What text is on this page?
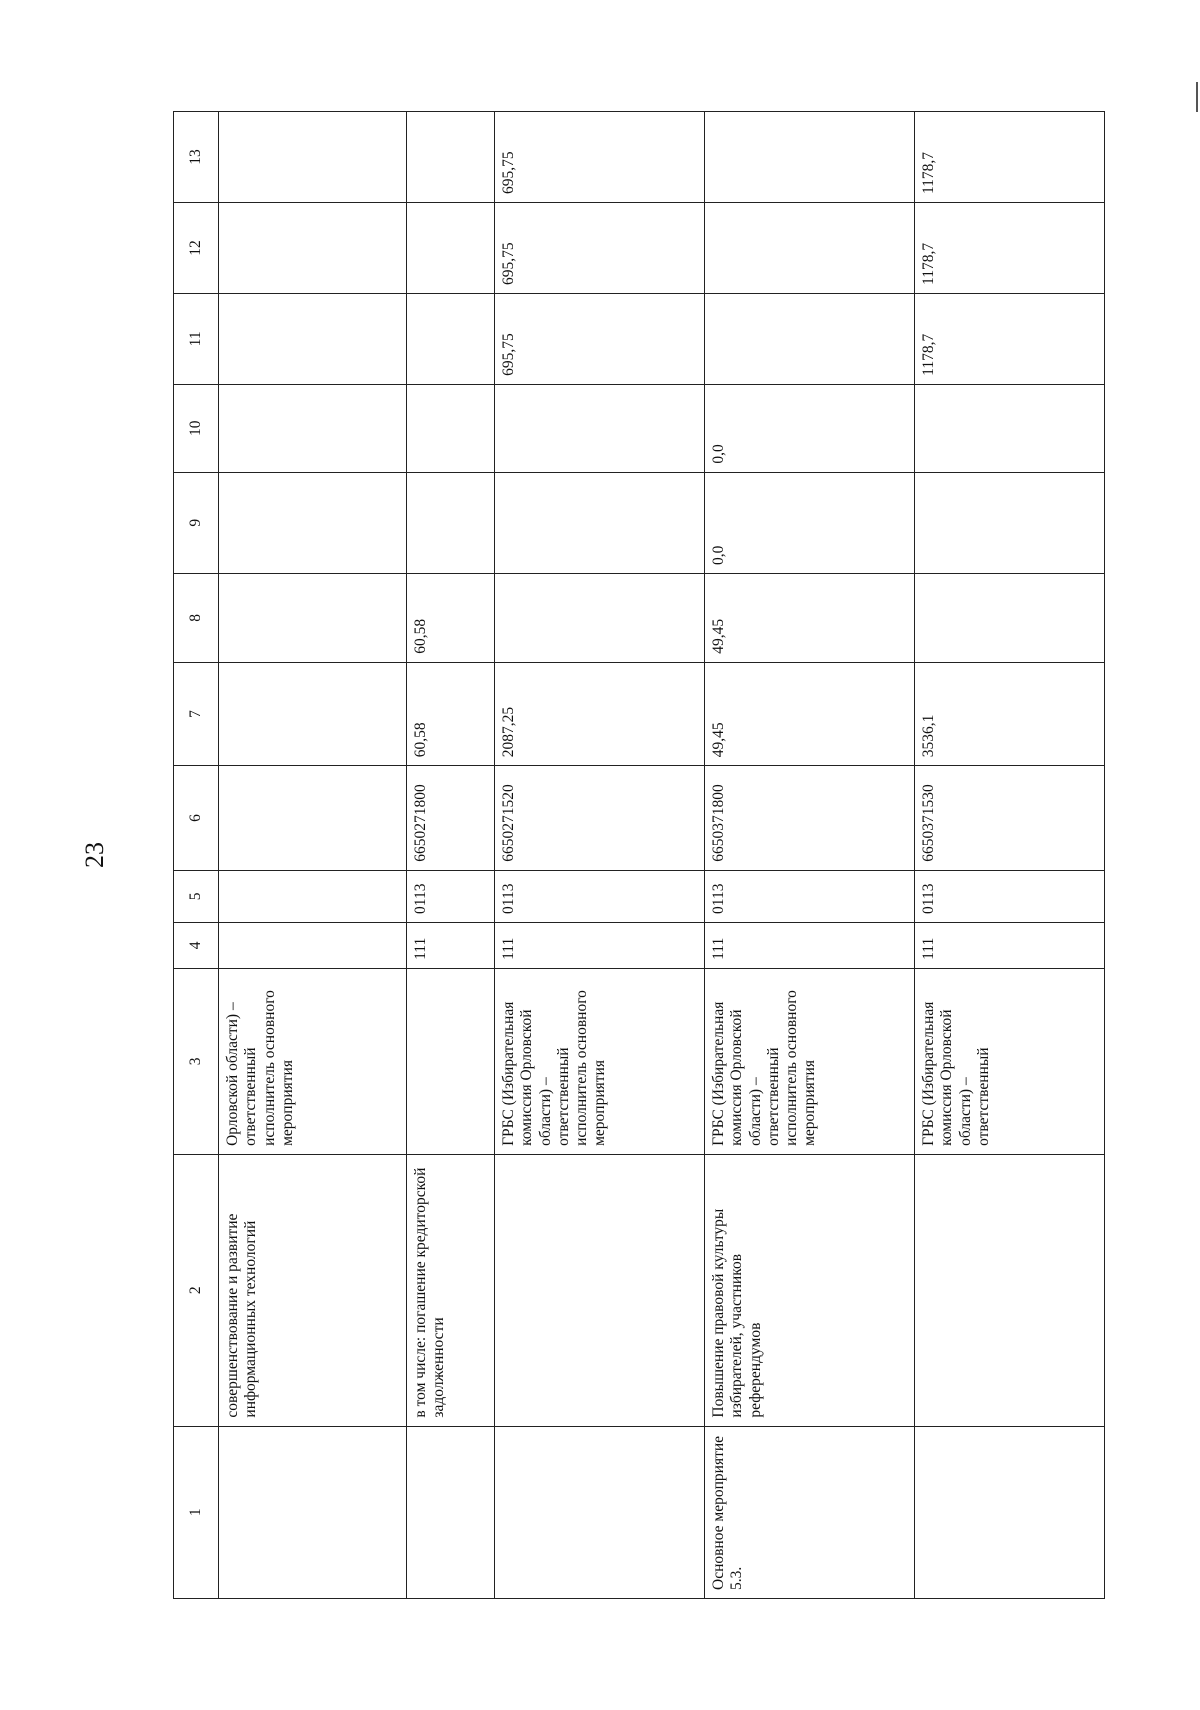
23
1	2	3	4	5	6	7	8	9	10	11	12	13
	совершенствование и развитие информационных технологий	Орловской области) – ответственный исполнитель основного мероприятия										
	в том числе: погашение кредиторской задолженности		111	0113	6650271800	60,58	60,58					
		ГРБС (Избирательная комиссия Орловской области) – ответственный исполнитель основного мероприятия	111	0113	6650271520	2087,25				695,75	695,75	695,75
Основное мероприятие 5.3.	Повышение правовой культуры избирателей, участников референдумов	ГРБС (Избирательная комиссия Орловской области) – ответственный исполнитель основного мероприятия	111	0113	6650371800	49,45	49,45	0,0	0,0			
		ГРБС (Избирательная комиссия Орловской области) – ответственный	111	0113	6650371530	3536,1				1178,7	1178,7	1178,7
